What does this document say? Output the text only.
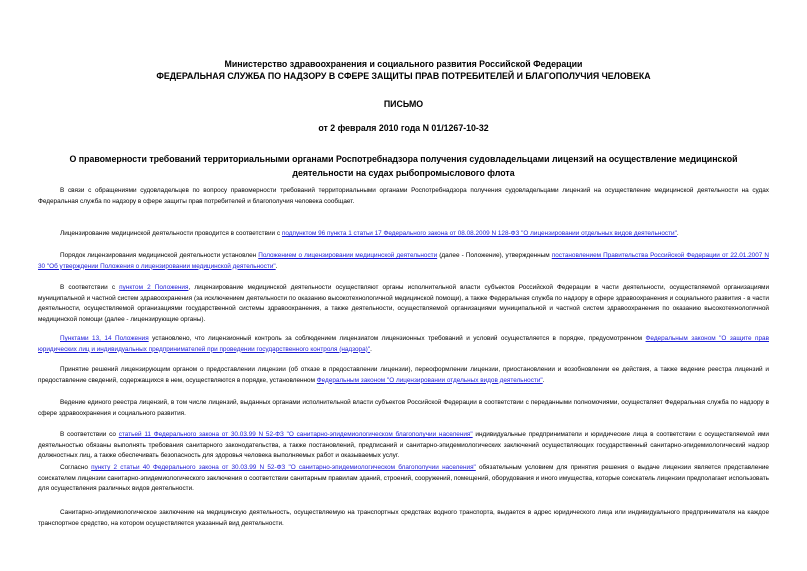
Министерство здравоохранения и социального развития Российской Федерации
ФЕДЕРАЛЬНАЯ СЛУЖБА ПО НАДЗОРУ В СФЕРЕ ЗАЩИТЫ ПРАВ ПОТРЕБИТЕЛЕЙ И БЛАГОПОЛУЧИЯ ЧЕЛОВЕКА
ПИСЬМО
от 2 февраля 2010 года N 01/1267-10-32
О правомерности требований территориальными органами Роспотребнадзора получения судовладельцами лицензий на осуществление медицинской деятельности на судах рыбопромыслового флота
В связи с обращениями судовладельцев по вопросу правомерности требований территориальными органами Роспотребнадзора получения судовладельцами лицензий на осуществление медицинской деятельности на судах Федеральная служба по надзору в сфере защиты прав потребителей и благополучия человека сообщает.
Лицензирование медицинской деятельности проводится в соответствии с подпунктом 96 пункта 1 статьи 17 Федерального закона от 08.08.2009 N 128-ФЗ "О лицензировании отдельных видов деятельности".
Порядок лицензирования медицинской деятельности установлен Положением о лицензировании медицинской деятельности (далее - Положение), утвержденным постановлением Правительства Российской Федерации от 22.01.2007 N 30 "Об утверждении Положения о лицензировании медицинской деятельности".
В соответствии с пунктом 2 Положения, лицензирование медицинской деятельности осуществляют органы исполнительной власти субъектов Российской Федерации в части деятельности, осуществляемой организациями муниципальной и частной систем здравоохранения (за исключением деятельности по оказанию высокотехнологичной медицинской помощи), а также Федеральная служба по надзору в сфере здравоохранения и социального развития - в части деятельности, осуществляемой организациями государственной системы здравоохранения, а также деятельности, осуществляемой организациями муниципальной и частной систем здравоохранения по оказанию высокотехнологичной медицинской помощи (далее - лицензирующие органы).
Пунктами 13, 14 Положения установлено, что лицензионный контроль за соблюдением лицензиатом лицензионных требований и условий осуществляется в порядке, предусмотренном Федеральным законом "О защите прав юридических лиц и индивидуальных предпринимателей при проведении государственного контроля (надзора)".
Принятие решений лицензирующим органом о предоставлении лицензии (об отказе в предоставлении лицензии), переоформлении лицензии, приостановлении и возобновлении ее действия, а также ведение реестра лицензий и предоставление сведений, содержащихся в нем, осуществляются в порядке, установленном Федеральным законом "О лицензировании отдельных видов деятельности".
Ведение единого реестра лицензий, в том числе лицензий, выданных органами исполнительной власти субъектов Российской Федерации в соответствии с переданными полномочиями, осуществляет Федеральная служба по надзору в сфере здравоохранения и социального развития.
В соответствии со статьей 11 Федерального закона от 30.03.99 N 52-ФЗ "О санитарно-эпидемиологическом благополучии населения" индивидуальные предприниматели и юридические лица в соответствии с осуществляемой ими деятельностью обязаны выполнять требования санитарного законодательства, а также постановлений, предписаний и санитарно-эпидемиологических заключений осуществляющих государственный санитарно-эпидемиологический надзор должностных лиц, а также обеспечивать безопасность для здоровья человека выполняемых работ и оказываемых услуг.
Согласно пункту 2 статьи 40 Федерального закона от 30.03.99 N 52-ФЗ "О санитарно-эпидемиологическом благополучии населения" обязательным условием для принятия решения о выдаче лицензии является представление соискателем лицензии санитарно-эпидемиологического заключения о соответствии санитарным правилам зданий, строений, сооружений, помещений, оборудования и иного имущества, которые соискатель лицензии предполагает использовать для осуществления различных видов деятельности.
Санитарно-эпидемиологическое заключение на медицинскую деятельность, осуществляемую на транспортных средствах водного транспорта, выдается в адрес юридического лица или индивидуального предпринимателя на каждое транспортное средство, на котором осуществляется указанный вид деятельности.
